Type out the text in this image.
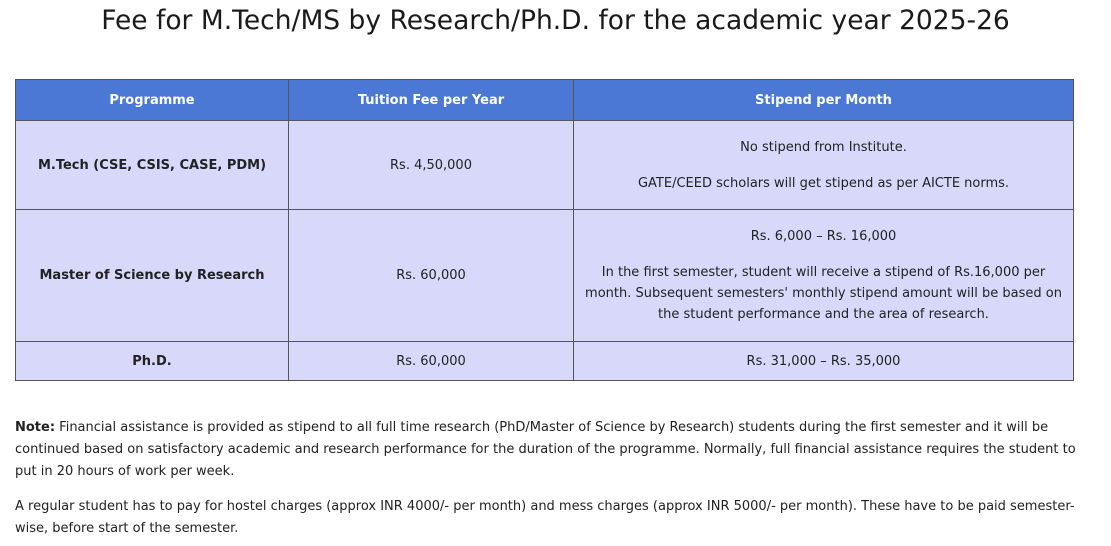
Fee for M.Tech/MS by Research/Ph.D. for the academic year 2025-26
Programme	Tuition Fee per Year	Stipend per Month
M.Tech (CSE, CSIS, CASE, PDM)	Rs. 4,50,000	No stipend from Institute.

GATE/CEED scholars will get stipend as per AICTE norms.

Master of Science by Research	Rs. 60,000	Rs. 6,000 – Rs. 16,000

In the first semester, student will receive a stipend of Rs.16,000 per month. Subsequent semesters' monthly stipend amount will be based on the student performance and the area of research.

Ph.D.	Rs. 60,000	Rs. 31,000 – Rs. 35,000

Note: Financial assistance is provided as stipend to all full time research (PhD/Master of Science by Research) students during the first semester and it will be continued based on satisfactory academic and research performance for the duration of the programme. Normally, full financial assistance requires the student to put in 20 hours of work per week.

A regular student has to pay for hostel charges (approx INR 4000/- per month) and mess charges (approx INR 5000/- per month). These have to be paid semester-wise, before start of the semester.
